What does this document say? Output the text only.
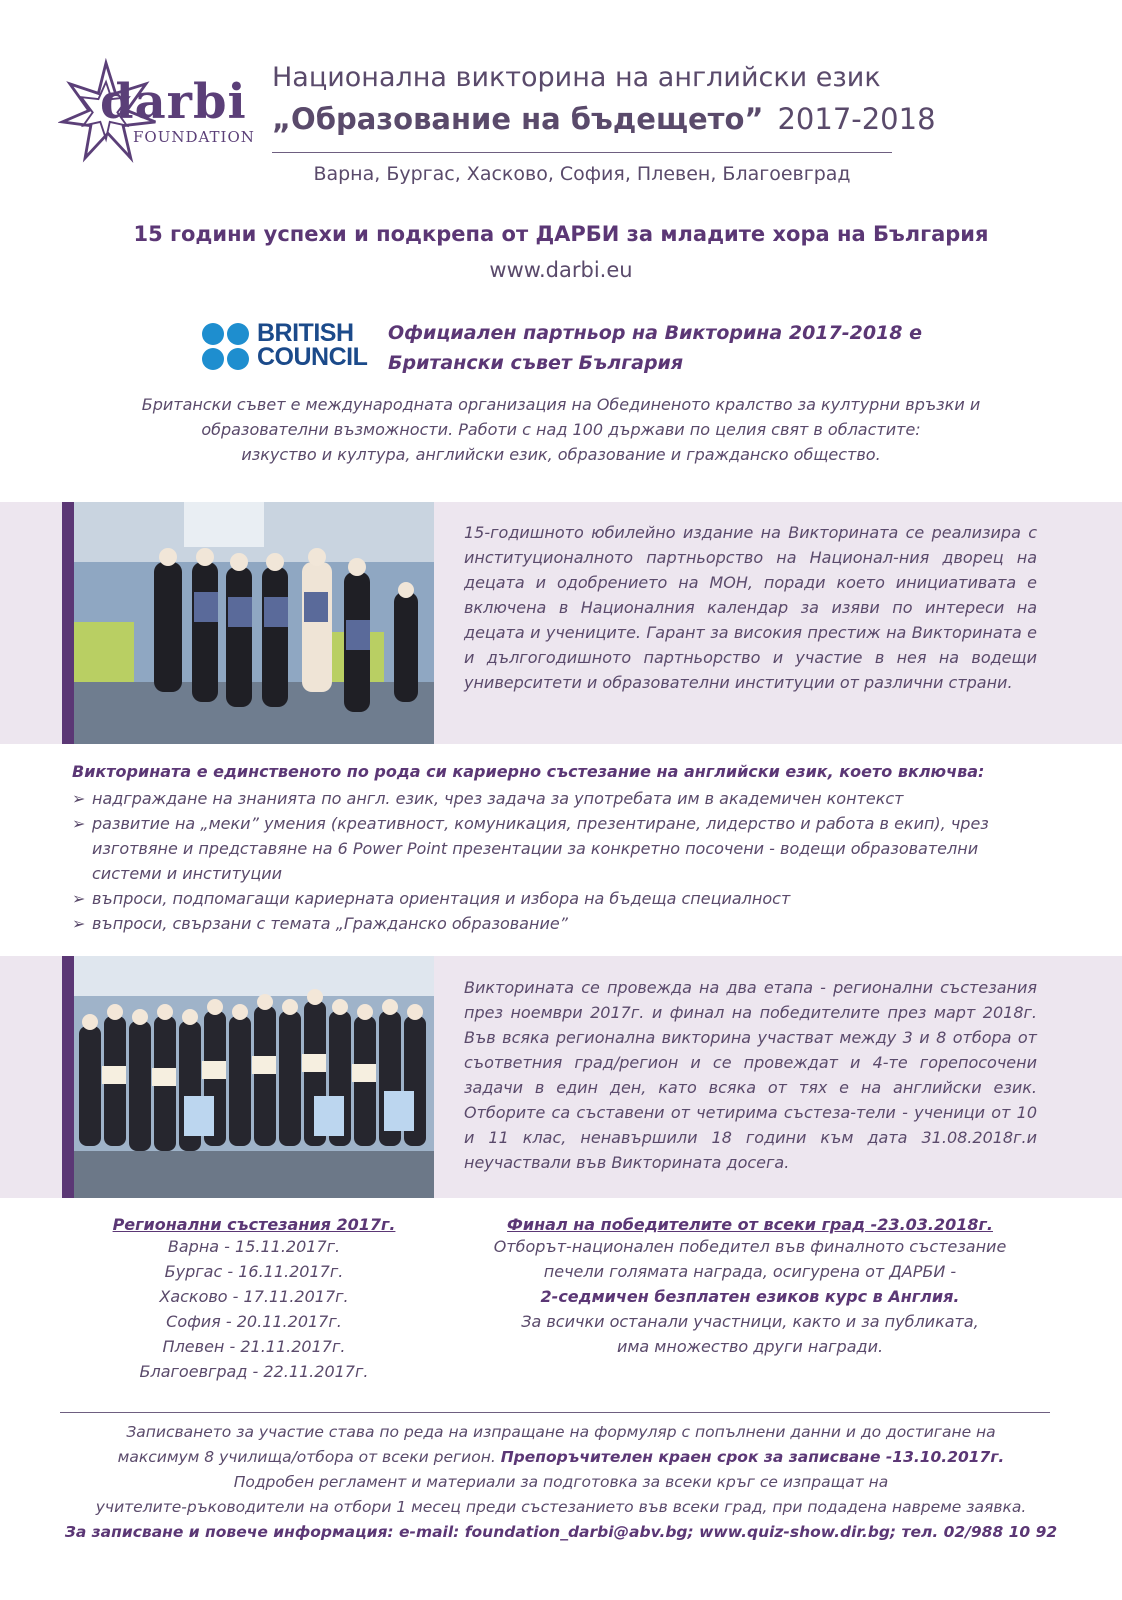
darbi
FOUNDATION
Национална викторина на английски език
„Образование на бъдещето” 2017-2018
Варна, Бургас, Хасково, София, Плевен, Благоевград
15 години успехи и подкрепа от ДАРБИ за младите хора на България
www.darbi.eu
BRITISH
COUNCIL
Официален партньор на Викторина 2017-2018 е
Британски съвет България
Британски съвет е международната организация на Обединеното кралство за културни връзки и
образователни възможности. Работи с над 100 държави по целия свят в областите:
изкуство и култура, английски език, образование и гражданско общество.
15-годишното юбилейно издание на Викторината се реализира с институционалното партньорство на Национал-ния дворец на децата и одобрението на МОН, поради което инициативата е включена в Националния календар за изяви по интереси на децата и учениците. Гарант за високия престиж на Викторината е и дългогодишното партньорство и участие в нея на водещи университети и образователни институции от различни страни.
Викторината е единственото по рода си кариерно състезание на английски език, което включва:
➢ надграждане на знанията по англ. език, чрез задача за употребата им в академичен контекст
➢ развитие на „меки” умения (креативност, комуникация, презентиране, лидерство и работа в екип), чрез изготвяне и представяне на 6 Power Point презентации за конкретно посочени - водещи образователни системи и институции
➢ въпроси, подпомагащи кариерната ориентация и избора на бъдеща специалност
➢ въпроси, свързани с темата „Гражданско образование”
Викторината се провежда на два етапа - регионални състезания през ноември 2017г. и финал на победителите през март 2018г. Във всяка регионална викторина участват между 3 и 8 отбора от съответния град/регион и се провеждат и 4-те горепосочени задачи в един ден, като всяка от тях е на английски език. Отборите са съставени от четирима състеза-тели - ученици от 10 и 11 клас, ненавършили 18 години към дата 31.08.2018г.и неучаствали във Викторината досега.
Регионални състезания 2017г.
Варна - 15.11.2017г.
Бургас - 16.11.2017г.
Хасково - 17.11.2017г.
София - 20.11.2017г.
Плевен - 21.11.2017г.
Благоевград - 22.11.2017г.
Финал на победителите от всеки град -23.03.2018г.
Отборът-национален победител във финалното състезание
печели голямата награда, осигурена от ДАРБИ -
2-седмичен безплатен езиков курс в Англия.
За всички останали участници, както и за публиката,
има множество други награди.
Записването за участие става по реда на изпращане на формуляр с попълнени данни и до достигане на
максимум 8 училища/отбора от всеки регион. Препоръчителен краен срок за записване -13.10.2017г.
Подробен регламент и материали за подготовка за всеки кръг се изпращат на
учителите-ръководители на отбори 1 месец преди състезанието във всеки град, при подадена навреме заявка.
За записване и повече информация: e-mail: foundation_darbi@abv.bg; www.quiz-show.dir.bg; тел. 02/988 10 92
